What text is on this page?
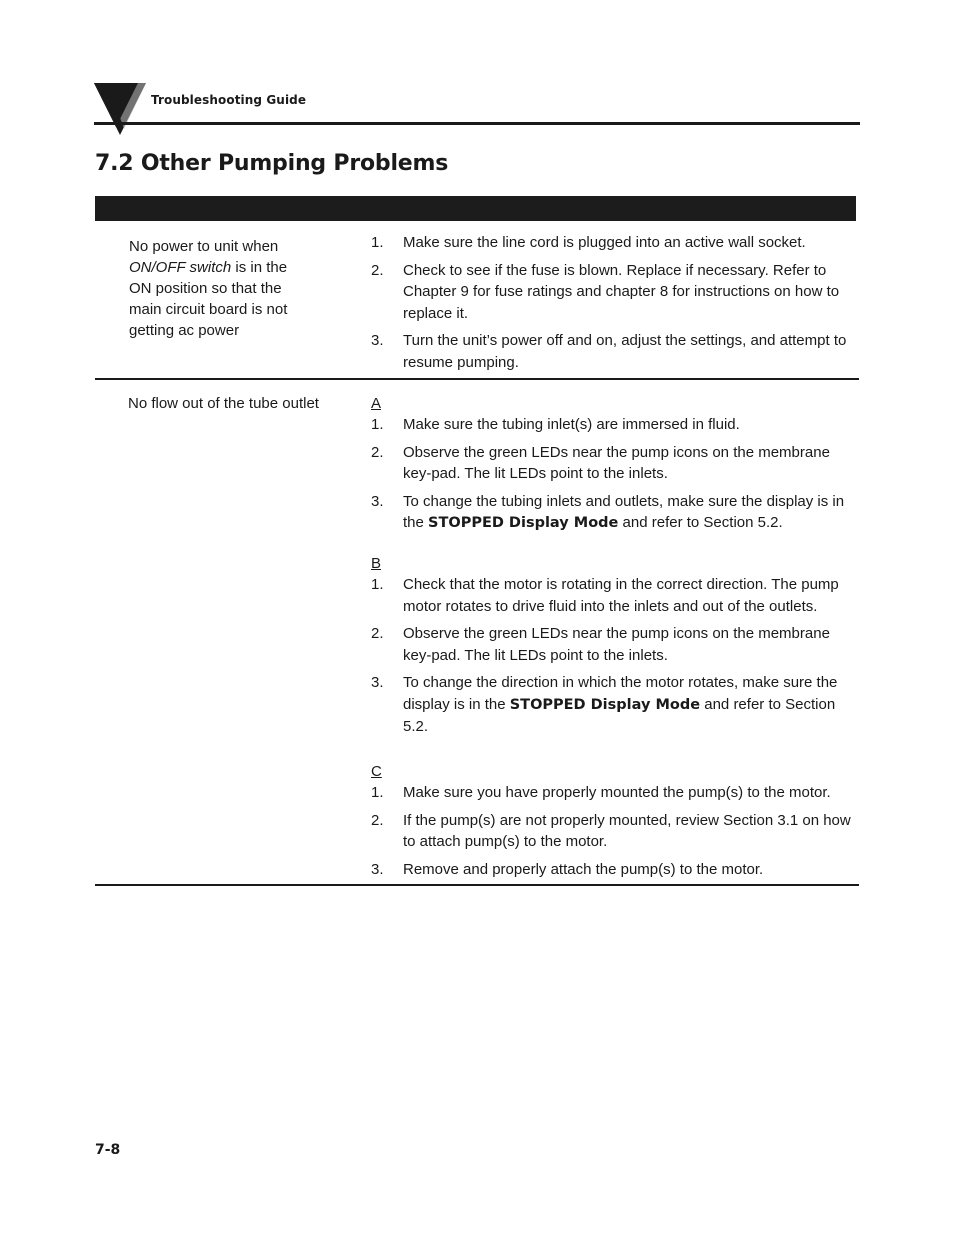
Troubleshooting Guide
7.2 Other Pumping Problems
No power to unit when ON/OFF switch is in the ON position so that the main circuit board is not getting ac power
1.	Make sure the line cord is plugged into an active wall socket.
2.	Check to see if the fuse is blown. Replace if necessary. Refer to Chapter 9 for fuse ratings and chapter 8 for instructions on how to replace it.
3.	Turn the unit’s power off and on, adjust the settings, and attempt to resume pumping.
No flow out of the tube outlet	A
1.	Make sure the tubing inlet(s) are immersed in fluid.
2.	Observe the green LEDs near the pump icons on the membrane key-pad. The lit LEDs point to the inlets.
3.	To change the tubing inlets and outlets, make sure the display is in the STOPPED Display Mode and refer to Section 5.2.
B
1.	Check that the motor is rotating in the correct direction. The pump motor rotates to drive fluid into the inlets and out of the outlets.
2.	Observe the green LEDs near the pump icons on the membrane key-pad. The lit LEDs point to the inlets.
3.	To change the direction in which the motor rotates, make sure the display is in the STOPPED Display Mode and refer to Section 5.2.
C
1.	Make sure you have properly mounted the pump(s) to the motor.
2.	If the pump(s) are not properly mounted, review Section 3.1 on how to attach pump(s) to the motor.
3.	Remove and properly attach the pump(s) to the motor.
7-8
